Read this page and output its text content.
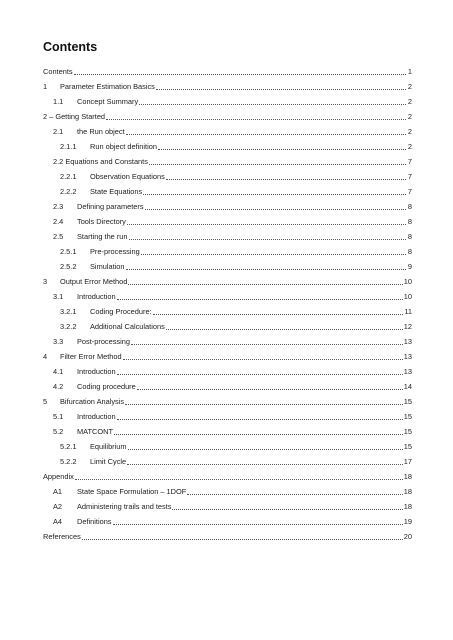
Contents
Contents	1
1	Parameter Estimation Basics	2
1.1	Concept Summary	2
2 – Getting Started	2
2.1	the Run object	2
2.1.1	Run object definition	2
2.2 Equations and Constants	7
2.2.1	Observation Equations	7
2.2.2	State Equations	7
2.3	Defining parameters	8
2.4	Tools Directory	8
2.5	Starting the run	8
2.5.1	Pre-processing	8
2.5.2	Simulation	9
3	Output Error Method	10
3.1	Introduction	10
3.2.1	Coding Procedure:	11
3.2.2	Additional Calculations	12
3.3	Post-processing	13
4	Filter Error Method	13
4.1	Introduction	13
4.2	Coding procedure	14
5	Bifurcation Analysis	15
5.1	Introduction	15
5.2	MATCONT	15
5.2.1	Equilibrium	15
5.2.2	Limit Cycle	17
Appendix	18
A1	State Space Formulation – 1DOF	18
A2	Administering trails and tests	18
A4	Definitions	19
References	20
